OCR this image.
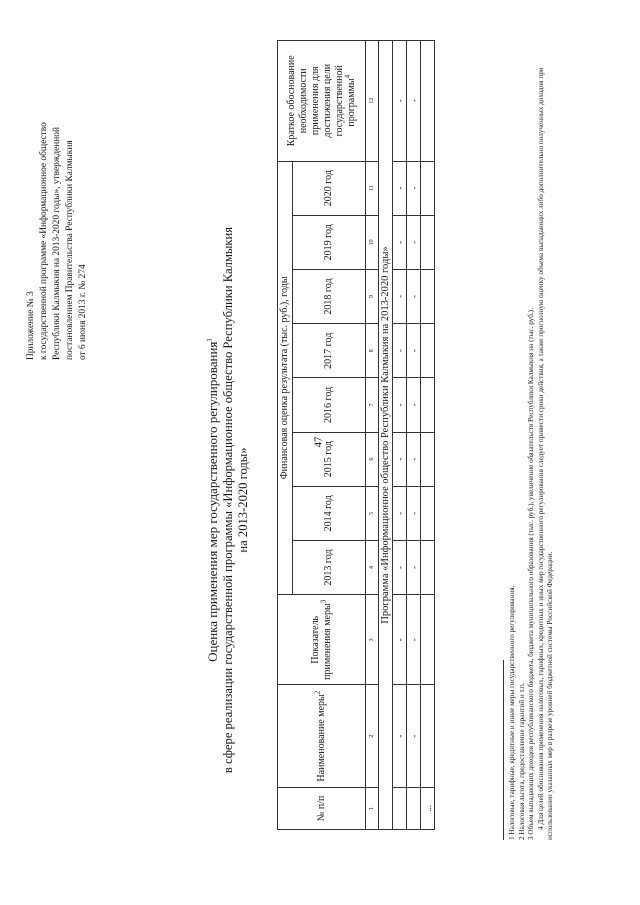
47
Приложение № 3 к государственной программе «Информационное общество Республики Калмыкия на 2013-2020 годы», утвержденной постановлением Правительства Республики Калмыкия от 6 июня 2013 г. № 274
Оценка применения мер государственного регулирования$^1$ в сфере реализации государственной программы «Информационное общество Республики Калмыкия на 2013-2020 годы»
№ п/п	Наименование меры$^2$	Показатель применения меры$^3$	Финансовая оценка результата (тыс. руб.), годы								Краткое обоснование необходимости применения для достижения цели государственной программы$^4$
			2013 год	2014 год	2015 год	2016 год	2017 год	2018 год	2019 год	2020 год	
1	2	3	4	5	6	7	8	9	10	11	12
Программа «Информационное общество Республики Калмыкия на 2013-2020 годы»											
	-	-	-	-	-	-	-	-	-	-	-
	-	-	-	-	-	-	-	-	-	-	-
...												1 Налоговые, тарифные, кредитные и иные меры государственного регулирования. 2 Налоговая льгота, предоставление гарантий и т.п. 3 Объем выпадающих доходов республиканского бюджета, бюджета муниципального образования (тыс. руб.), увеличение обязательств Республики Калмыкия на (тыс. руб.). 4 Для целей обоснования применения налоговых, тарифных, кредитных и иных мер государственного регулирования следует привести сроки действия, а также прогнозную оценку объема выпадающих либо дополнительно полученных доходов при использовании указанных мер в разрезе уровней бюджетной системы Российской Федерации.
